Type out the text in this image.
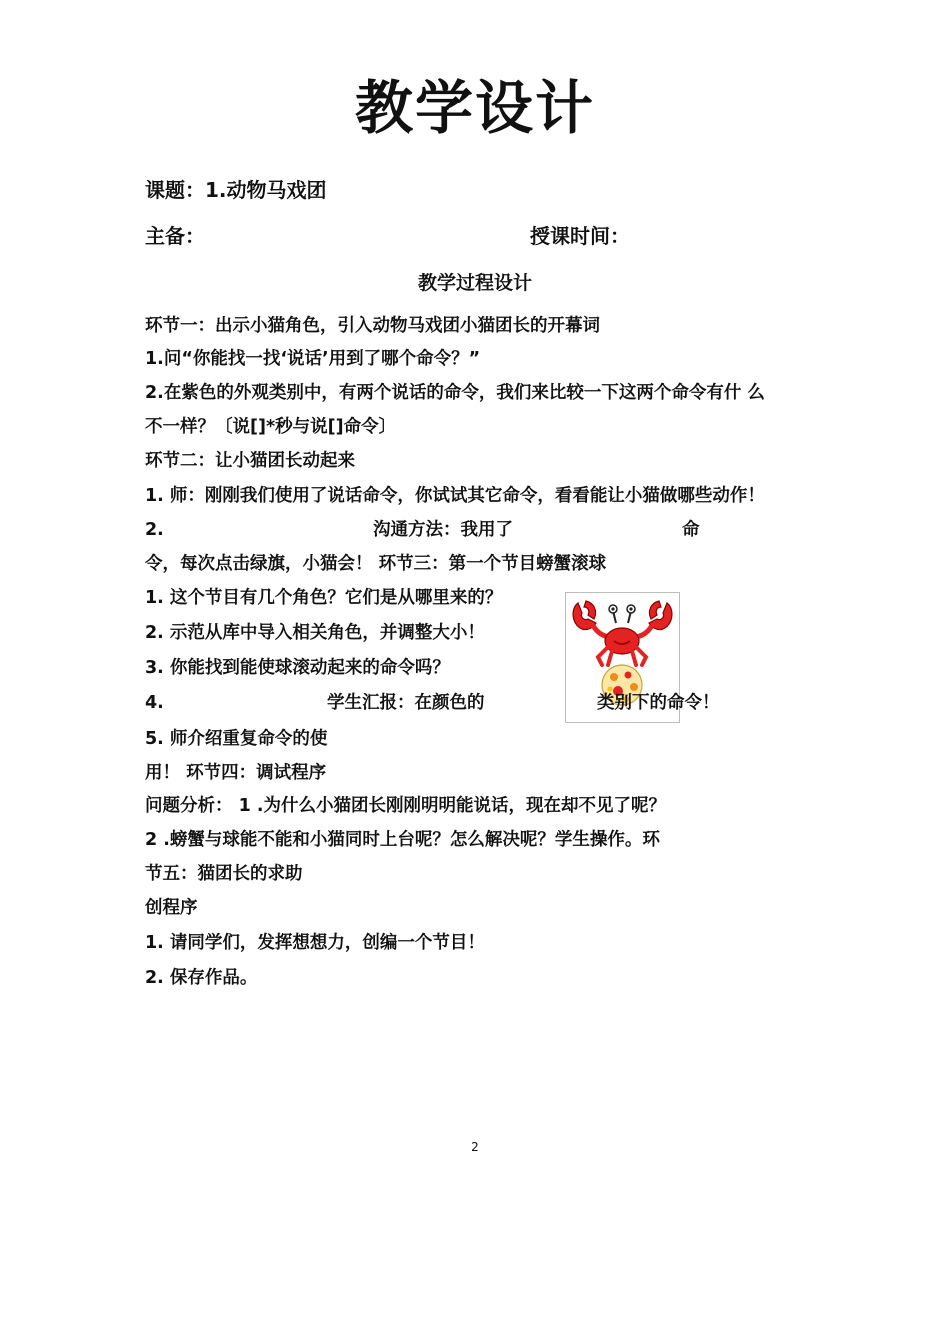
教学设计
课题：1.动物马戏团
主备：	授课时间：
教学过程设计
环节一：出示小猫角色，引入动物马戏团小猫团长的开幕词
1.问“你能找一找‘说话’用到了哪个命令？”
2.在紫色的外观类别中，有两个说话的命令，我们来比较一下这两个命令有什 么
不一样？〔说[]*秒与说[]命令〕
环节二：让小猫团长动起来
1. 师：刚刚我们使用了说话命令，你试试其它命令，看看能让小猫做哪些动作！
2.	沟通方法：我用了	命
令，每次点击绿旗，小猫会！ 环节三：第一个节目螃蟹滚球
1. 这个节目有几个角色？它们是从哪里来的？
2. 示范从库中导入相关角色，并调整大小！
3. 你能找到能使球滚动起来的命令吗？
4.	学生汇报：在颜色的	类别下的命令！
5. 师介绍重复命令的使
用！ 环节四：调试程序
问题分析： 1 .为什么小猫团长刚刚明明能说话，现在却不见了呢？
2 .螃蟹与球能不能和小猫同时上台呢？怎么解决呢？学生操作。环
节五：猫团长的求助
创程序
1. 请同学们，发挥想想力，创编一个节目！
2. 保存作品。
2
